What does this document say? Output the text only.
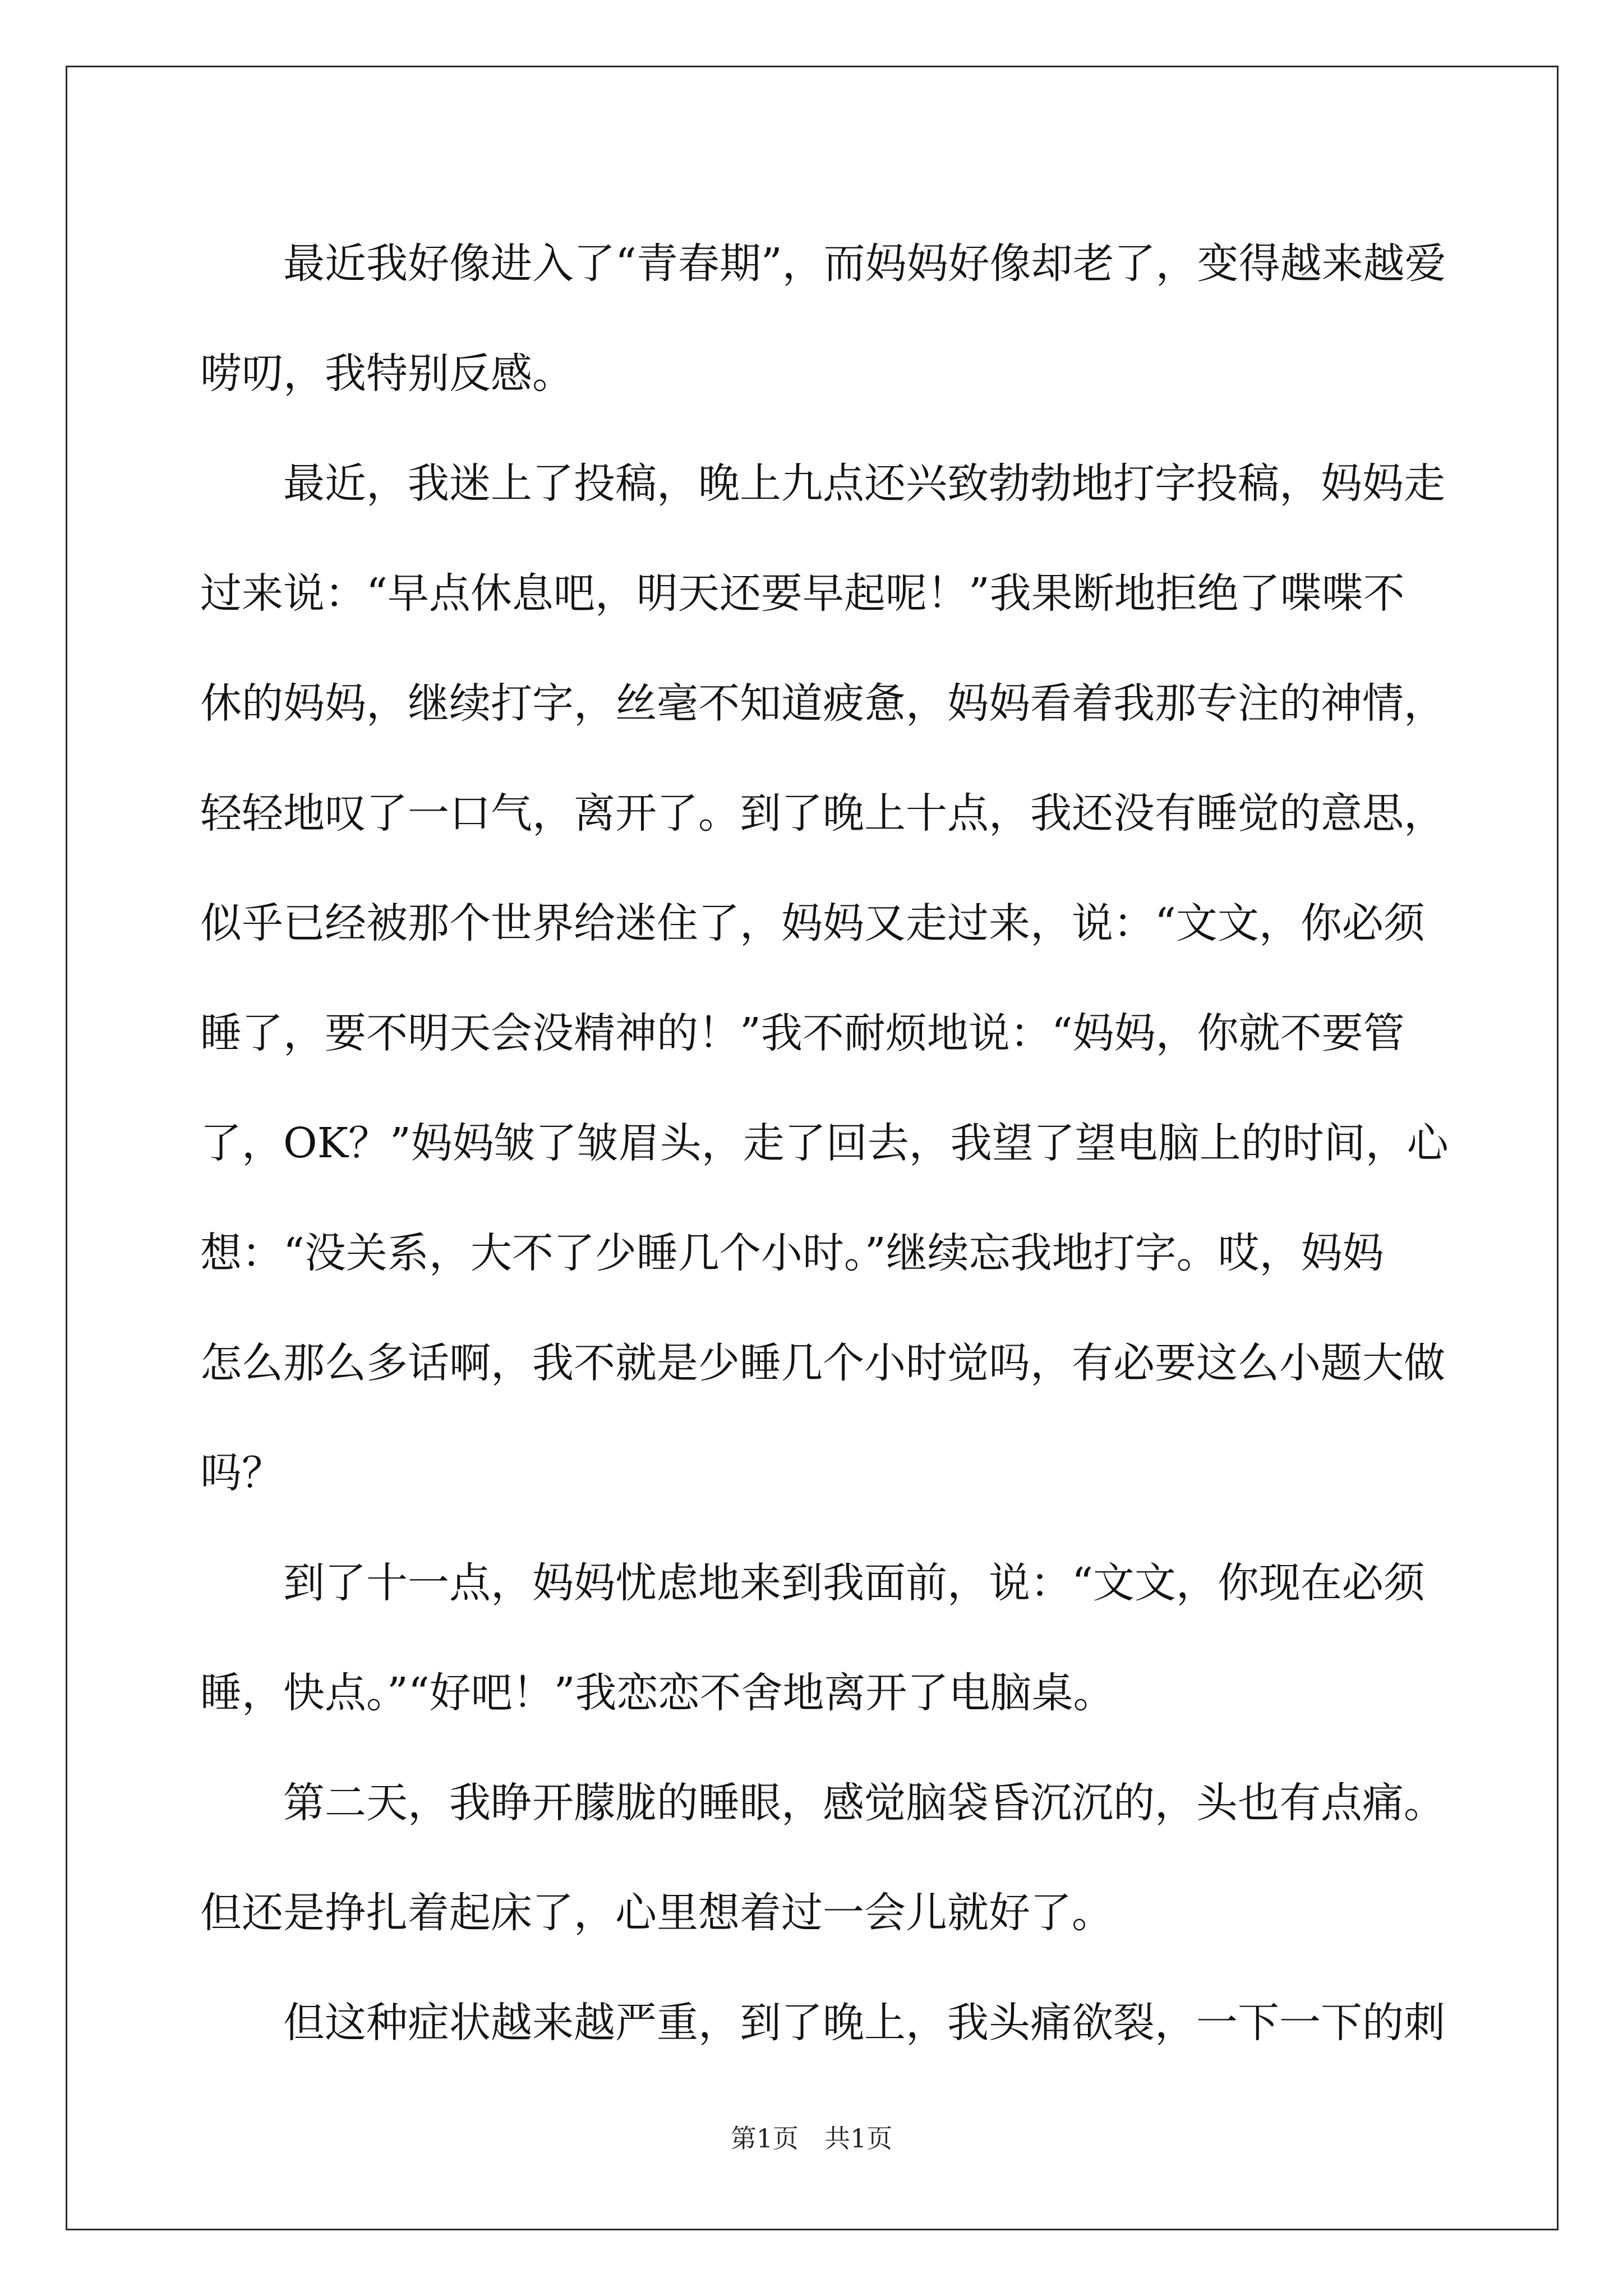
　　最近我好像进入了“青春期”，而妈妈好像却老了，变得越来越爱
唠叨，我特别反感。
　　最近，我迷上了投稿，晚上九点还兴致勃勃地打字投稿，妈妈走
过来说：“早点休息吧，明天还要早起呢！”我果断地拒绝了喋喋不
休的妈妈，继续打字，丝毫不知道疲惫，妈妈看着我那专注的神情，
轻轻地叹了一口气，离开了。到了晚上十点，我还没有睡觉的意思，
似乎已经被那个世界给迷住了，妈妈又走过来，说：“文文，你必须
睡了，要不明天会没精神的！”我不耐烦地说：“妈妈，你就不要管
了，OK？”妈妈皱了皱眉头，走了回去，我望了望电脑上的时间，心
想：“没关系，大不了少睡几个小时。”继续忘我地打字。哎，妈妈
怎么那么多话啊，我不就是少睡几个小时觉吗，有必要这么小题大做
吗？
　　到了十一点，妈妈忧虑地来到我面前，说：“文文，你现在必须
睡，快点。”“好吧！”我恋恋不舍地离开了电脑桌。
　　第二天，我睁开朦胧的睡眼，感觉脑袋昏沉沉的，头也有点痛。
但还是挣扎着起床了，心里想着过一会儿就好了。
　　但这种症状越来越严重，到了晚上，我头痛欲裂，一下一下的刺
第1页　共1页
